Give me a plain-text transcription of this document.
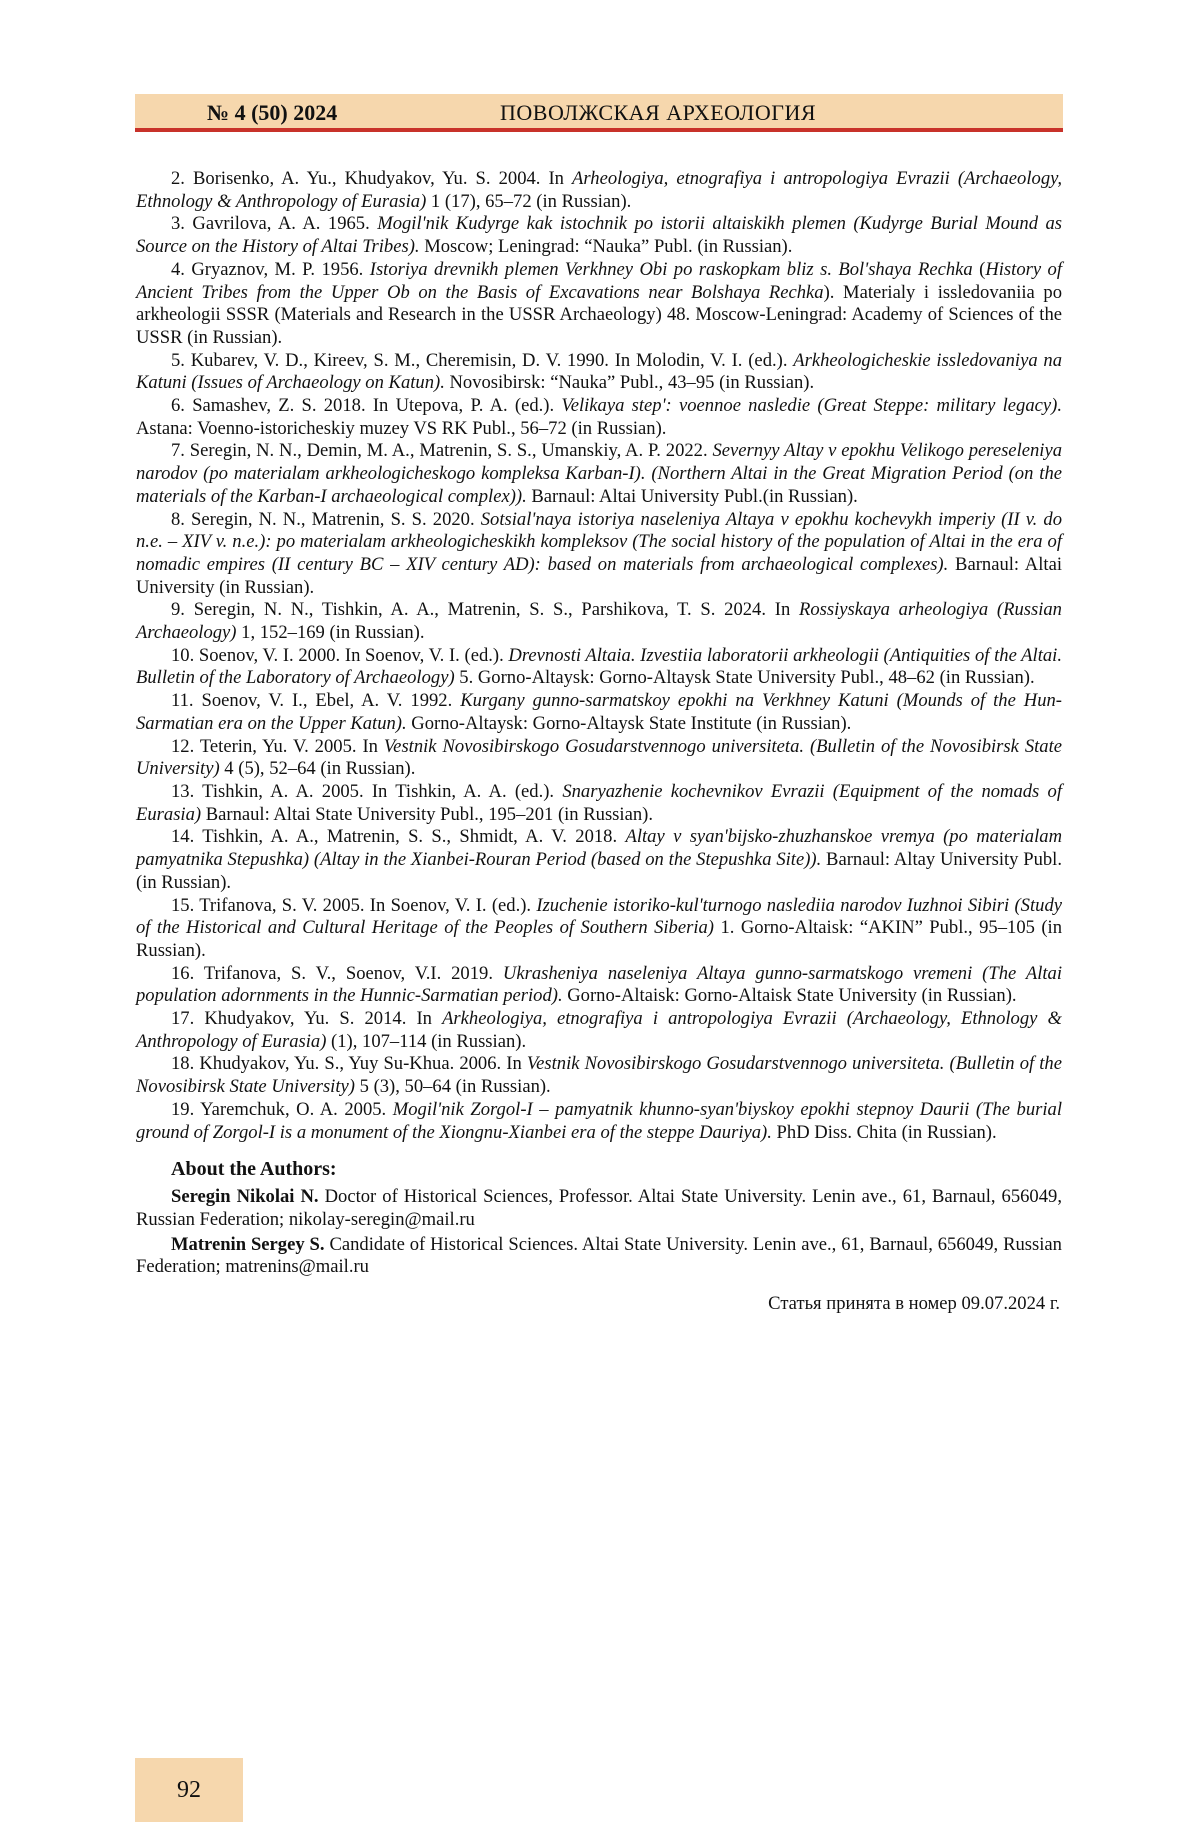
№ 4 (50) 2024	ПОВОЛЖСКАЯ АРХЕОЛОГИЯ

2. Borisenko, A. Yu., Khudyakov, Yu. S. 2004. In Arheologiya, etnografiya i antropologiya Evrazii (Archaeology, Ethnology & Anthropology of Eurasia) 1 (17), 65–72 (in Russian).

3. Gavrilova, A. A. 1965. Mogil'nik Kudyrge kak istochnik po istorii altaiskikh plemen (Kudyrge Burial Mound as Source on the History of Altai Tribes). Moscow; Leningrad: “Nauka” Publ. (in Russian).

4. Gryaznov, M. P. 1956. Istoriya drevnikh plemen Verkhney Obi po raskopkam bliz s. Bol'shaya Rechka (History of Ancient Tribes from the Upper Ob on the Basis of Excavations near Bolshaya Rechka). Materialy i issledovaniia po arkheologii SSSR (Materials and Research in the USSR Archaeology) 48. Moscow-Leningrad: Academy of Sciences of the USSR (in Russian).

5. Kubarev, V. D., Kireev, S. M., Cheremisin, D. V. 1990. In Molodin, V. I. (ed.). Arkheologicheskie issledovaniya na Katuni (Issues of Archaeology on Katun). Novosibirsk: “Nauka” Publ., 43–95 (in Russian).

6. Samashev, Z. S. 2018. In Utepova, P. A. (ed.). Velikaya step': voennoe nasledie (Great Steppe: military legacy). Astana: Voenno-istoricheskiy muzey VS RK Publ., 56–72 (in Russian).

7. Seregin, N. N., Demin, M. A., Matrenin, S. S., Umanskiy, A. P. 2022. Severnyy Altay v epokhu Velikogo pereseleniya narodov (po materialam arkheologicheskogo kompleksa Karban-I). (Northern Altai in the Great Migration Period (on the materials of the Karban-I archaeological complex)). Barnaul: Altai University Publ.(in Russian).

8. Seregin, N. N., Matrenin, S. S. 2020. Sotsial'naya istoriya naseleniya Altaya v epokhu kochevykh imperiy (II v. do n.e. – XIV v. n.e.): po materialam arkheologicheskikh kompleksov (The social history of the population of Altai in the era of nomadic empires (II century BC – XIV century AD): based on materials from archaeological complexes). Barnaul: Altai University (in Russian).

9. Seregin, N. N., Tishkin, A. A., Matrenin, S. S., Parshikova, T. S. 2024. In Rossiyskaya arheologiya (Russian Archaeology) 1, 152–169 (in Russian).

10. Soenov, V. I. 2000. In Soenov, V. I. (ed.). Drevnosti Altaia. Izvestiia laboratorii arkheologii (Antiquities of the Altai. Bulletin of the Laboratory of Archaeology) 5. Gorno-Altaysk: Gorno-Altaysk State University Publ., 48–62 (in Russian).

11. Soenov, V. I., Ebel, A. V. 1992. Kurgany gunno-sarmatskoy epokhi na Verkhney Katuni (Mounds of the Hun-Sarmatian era on the Upper Katun). Gorno-Altaysk: Gorno-Altaysk State Institute (in Russian).

12. Teterin, Yu. V. 2005. In Vestnik Novosibirskogo Gosudarstvennogo universiteta. (Bulletin of the Novosibirsk State University) 4 (5), 52–64 (in Russian).

13. Tishkin, A. A. 2005. In Tishkin, A. A. (ed.). Snaryazhenie kochevnikov Evrazii (Equipment of the nomads of Eurasia) Barnaul: Altai State University Publ., 195–201 (in Russian).

14. Tishkin, A. A., Matrenin, S. S., Shmidt, A. V. 2018. Altay v syan'bijsko-zhuzhanskoe vremya (po materialam pamyatnika Stepushka) (Altay in the Xianbei-Rouran Period (based on the Stepushka Site)). Barnaul: Altay University Publ. (in Russian).

15. Trifanova, S. V. 2005. In Soenov, V. I. (ed.). Izuchenie istoriko-kul'turnogo naslediia narodov Iuzhnoi Sibiri (Study of the Historical and Cultural Heritage of the Peoples of Southern Siberia) 1. Gorno-Altaisk: “AKIN” Publ., 95–105 (in Russian).

16. Trifanova, S. V., Soenov, V.I. 2019. Ukrasheniya naseleniya Altaya gunno-sarmatskogo vremeni (The Altai population adornments in the Hunnic-Sarmatian period). Gorno-Altaisk: Gorno-Altaisk State University (in Russian).

17. Khudyakov, Yu. S. 2014. In Arkheologiya, etnografiya i antropologiya Evrazii (Archaeology, Ethnology & Anthropology of Eurasia) (1), 107–114 (in Russian).

18. Khudyakov, Yu. S., Yuy Su-Khua. 2006. In Vestnik Novosibirskogo Gosudarstvennogo universiteta. (Bulletin of the Novosibirsk State University) 5 (3), 50–64 (in Russian).

19. Yaremchuk, O. A. 2005. Mogil'nik Zorgol-I – pamyatnik khunno-syan'biyskoy epokhi stepnoy Daurii (The burial ground of Zorgol-I is a monument of the Xiongnu-Xianbei era of the steppe Dauriya). PhD Diss. Chita (in Russian).

About the Authors:

Seregin Nikolai N. Doctor of Historical Sciences, Professor. Altai State University. Lenin ave., 61, Barnaul, 656049, Russian Federation; nikolay-seregin@mail.ru

Matrenin Sergey S. Candidate of Historical Sciences. Altai State University. Lenin ave., 61, Barnaul, 656049, Russian Federation; matrenins@mail.ru

Статья принята в номер 09.07.2024 г.
92
